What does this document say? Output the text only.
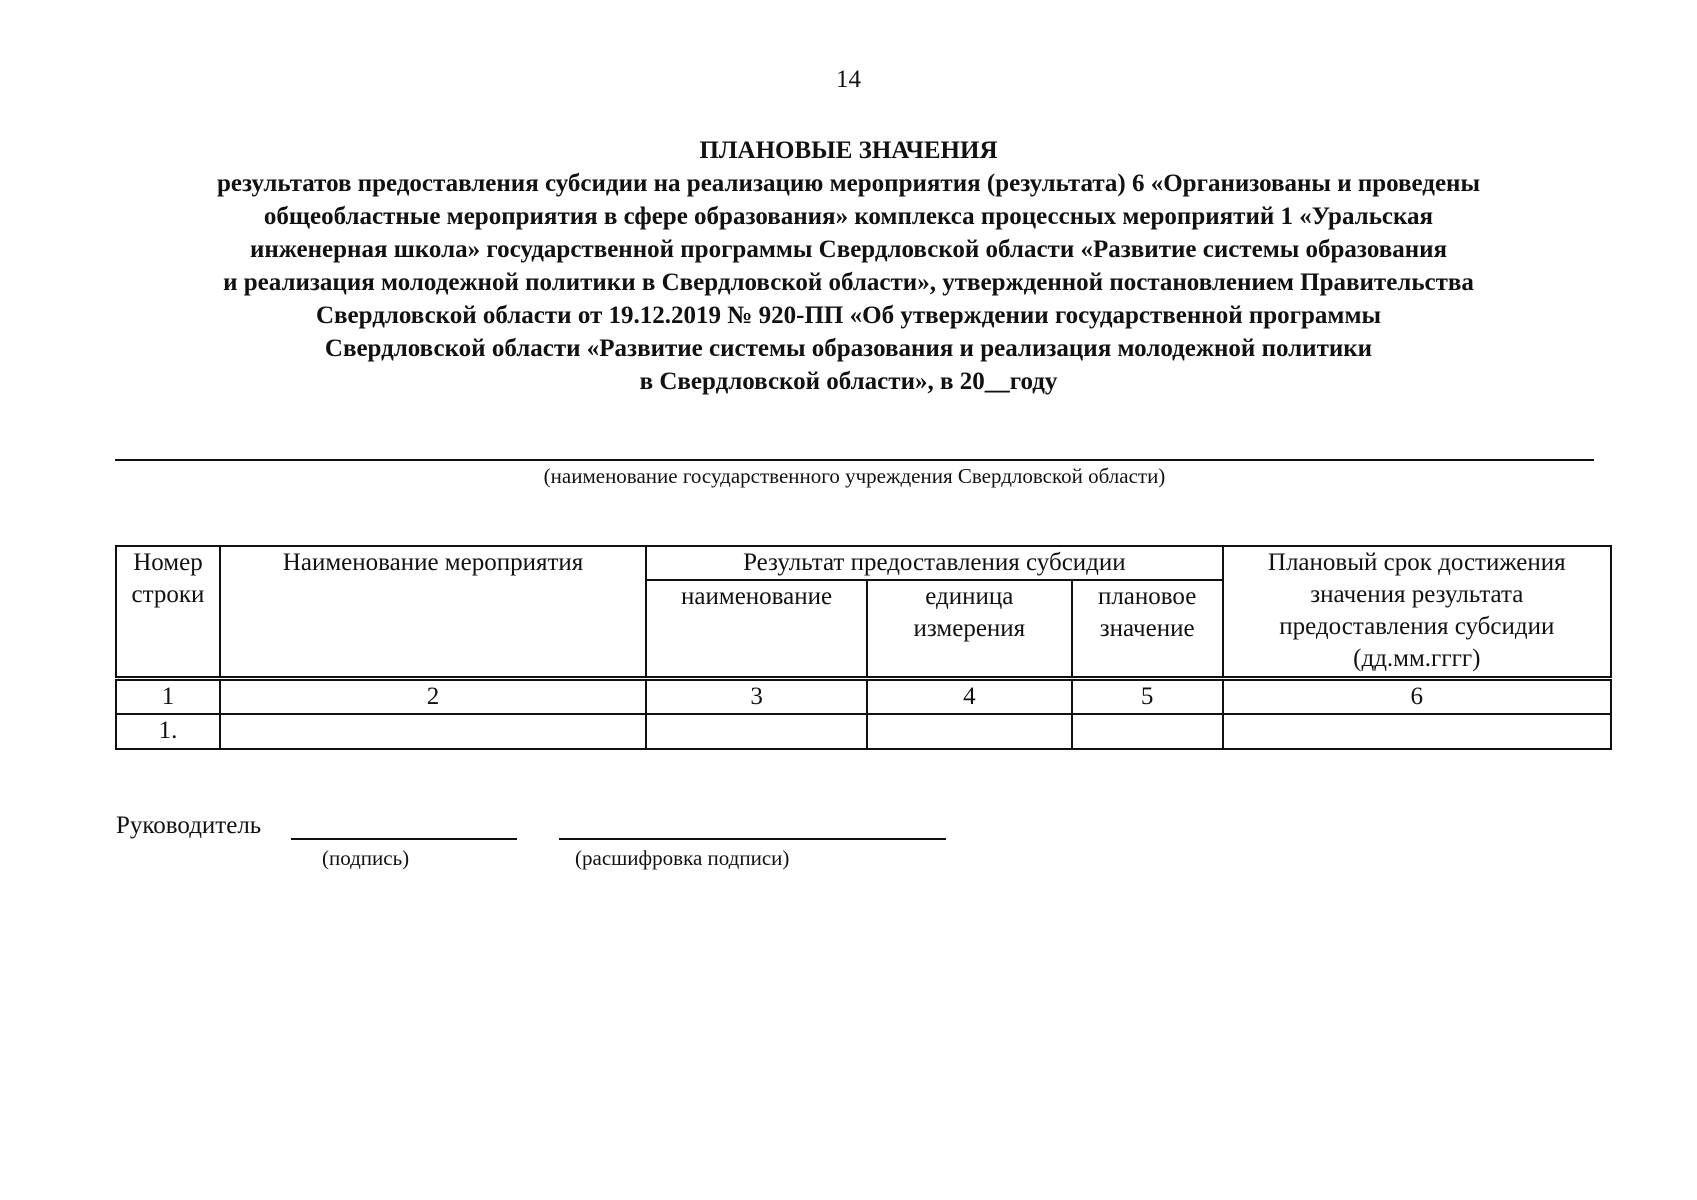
14
ПЛАНОВЫЕ ЗНАЧЕНИЯ
результатов предоставления субсидии на реализацию мероприятия (результата) 6 «Организованы и проведены
общеобластные мероприятия в сфере образования» комплекса процессных мероприятий 1 «Уральская
инженерная школа» государственной программы Свердловской области «Развитие системы образования
и реализация молодежной политики в Свердловской области», утвержденной постановлением Правительства
Свердловской области от 19.12.2019 № 920-ПП «Об утверждении государственной программы
Свердловской области «Развитие системы образования и реализация молодежной политики
в Свердловской области», в 20__году
(наименование государственного учреждения Свердловской области)
Номер строки	Наименование мероприятия	Результат предоставления субсидии			Плановый срок достижения значения результата предоставления субсидии (дд.мм.гггг)
		наименование	единица измерения	плановое значение	
1	2	3	4	5	6
1.					
Руководитель
(подпись)	(расшифровка подписи)
